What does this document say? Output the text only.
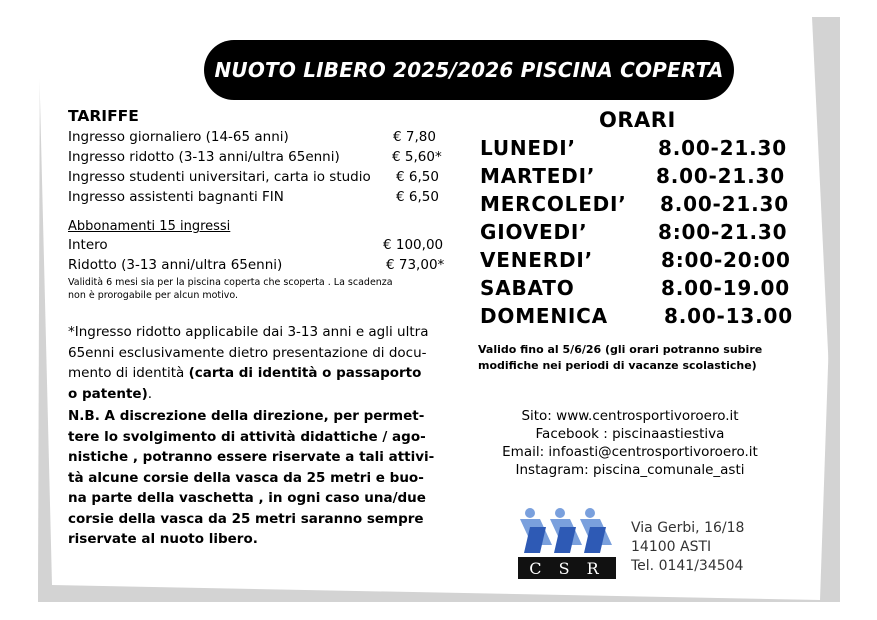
NUOTO LIBERO 2025/2026 PISCINA COPERTA
TARIFFE
Ingresso giornaliero (14-65 anni)	€ 7,80
Ingresso ridotto (3-13 anni/ultra 65enni)	€ 5,60*
Ingresso studenti universitari, carta io studio € 6,50
Ingresso assistenti bagnanti FIN	€ 6,50
Abbonamenti 15 ingressi
Intero	€ 100,00
Ridotto (3-13 anni/ultra 65enni)	€ 73,00*
Validità 6 mesi sia per la piscina coperta che scoperta . La scadenza
non è prorogabile per alcun motivo.
*Ingresso ridotto applicabile dai 3-13 anni e agli ultra
65enni esclusivamente dietro presentazione di docu-
mento di identità (carta di identità o passaporto
o patente).
N.B. A discrezione della direzione, per permet-
tere lo svolgimento di attività didattiche / ago-
nistiche , potranno essere riservate a tali attivi-
tà alcune corsie della vasca da 25 metri e buo-
na parte della vaschetta , in ogni caso una/due
corsie della vasca da 25 metri saranno sempre
riservate al nuoto libero.
ORARI
LUNEDI’	8.00-21.30
MARTEDI’	8.00-21.30
MERCOLEDI’ 8.00-21.30
GIOVEDI’	8:00-21.30
VENERDI’	8:00-20:00
SABATO	8.00-19.00
DOMENICA	8.00-13.00
Valido fino al 5/6/26 (gli orari potranno subire
modifiche nei periodi di vacanze scolastiche)
Sito: www.centrosportivoroero.it
Facebook : piscinaastiestiva
Email: infoasti@centrosportivoroero.it
Instagram: piscina_comunale_asti
C S R
Via Gerbi, 16/18
14100 ASTI
Tel. 0141/34504
